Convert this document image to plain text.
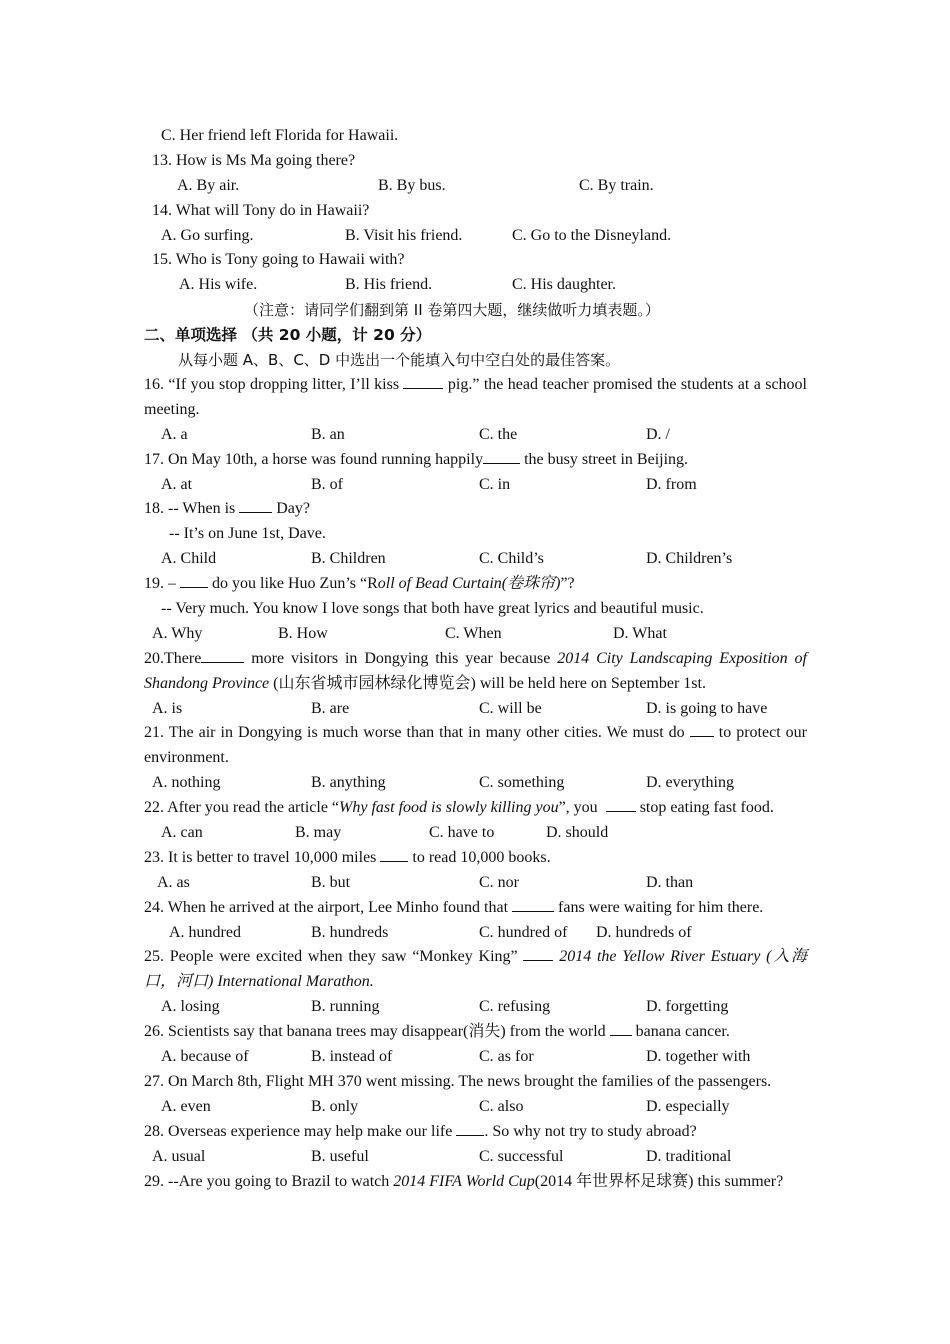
C. Her friend left Florida for Hawaii.
13. How is Ms Ma going there?
A. By air.	B. By bus.	C. By train.
14. What will Tony do in Hawaii?
A. Go surfing.	B. Visit his friend.	C. Go to the Disneyland.
15. Who is Tony going to Hawaii with?
A. His wife.	B. His friend.	C. His daughter.
（注意：请同学们翻到第 II 卷第四大题，继续做听力填表题。）
二、单项选择 （共 20 小题，计 20 分）
从每小题 A、B、C、D 中选出一个能填入句中空白处的最佳答案。
16. “If you stop dropping litter, I’ll kiss	pig.” the head teacher promised the students at a school meeting.
A. a	B. an	C. the	D. /
17. On May 10th, a horse was found running happily the busy street in Beijing.
A. at	B. of	C. in	D. from
18. -- When is  Day?
-- It’s on June 1st, Dave.
A. Child	B. Children	C. Child’s	D. Children’s
19. –  do you like Huo Zun’s “Roll of Bead Curtain(卷珠帘)”?
-- Very much. You know I love songs that both have great lyrics and beautiful music.
A. Why	B. How	C. When	D. What
20.There	more visitors in Dongying this year because 2014 City Landscaping Exposition of Shandong Province (山东省城市园林绿化博览会) will be held here on September 1st.
A. is	B. are	C. will be	D. is going to have
21. The air in Dongying is much worse than that in many other cities. We must do  to protect our environment.
A. nothing	B. anything	C. something	D. everything
22. After you read the article “Why fast food is slowly killing you”, you  stop eating fast food.
A. can	B. may	C. have to	D. should
23. It is better to travel 10,000 miles  to read 10,000 books.
A. as	B. but	C. nor	D. than
24. When he arrived at the airport, Lee Minho found that	fans were waiting for him there.
A. hundred	B. hundreds	C. hundred of D. hundreds of
25. People were excited when they saw “Monkey King”  2014 the Yellow River Estuary (入海口，河口) International Marathon.
A. losing	B. running	C. refusing	D. forgetting
26. Scientists say that banana trees may disappear(消失) from the world  banana cancer.
A. because of	B. instead of	C. as for	D. together with
27. On March 8th, Flight MH 370 went missing. The news brought the families of the passengers.
A. even	B. only	C. also	D. especially
28. Overseas experience may help make our life . So why not try to study abroad?
A. usual	B. useful	C. successful	D. traditional
29. --Are you going to Brazil to watch 2014 FIFA World Cup(2014 年世界杯足球赛) this summer?
